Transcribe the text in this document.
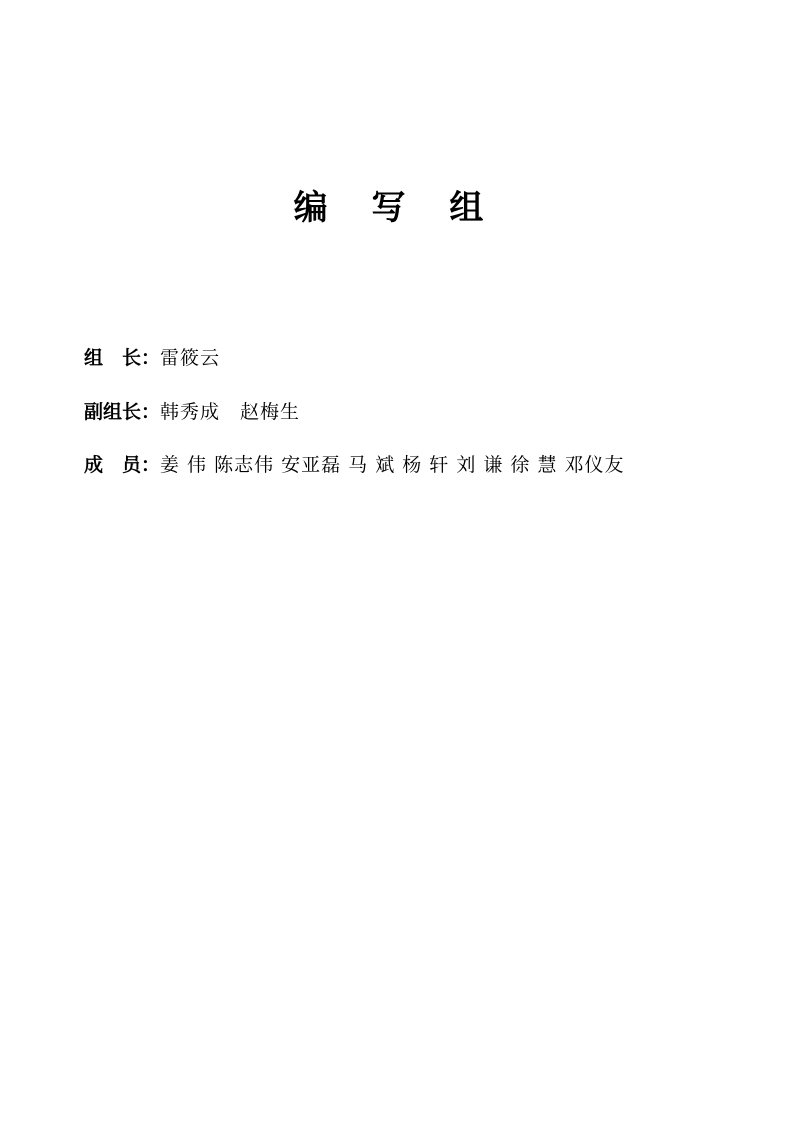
编 写 组
组　长：雷筱云
副组长：韩秀成　赵梅生
成　员：姜 伟 陈志伟 安亚磊 马 斌 杨 轩 刘 谦 徐 慧 邓仪友
